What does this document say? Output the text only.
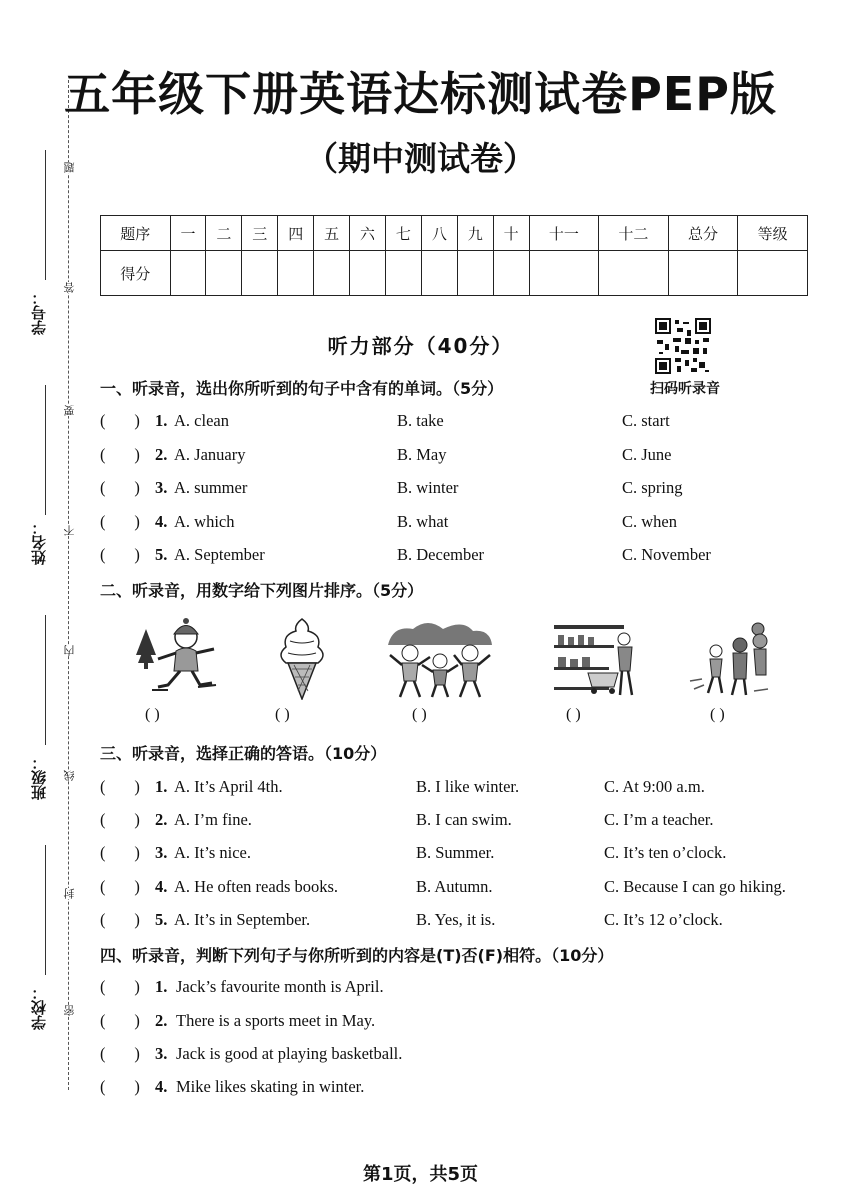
学号：
姓名：
班级：
学校：
题
答
要
不
内
线
封
密
五年级下册英语达标测试卷PEP版
（期中测试卷）
题序	一	二	三	四	五	六	七	八	九	十	十一	十二	总分	等级
得分														
听力部分（40分）
扫码听录音
一、听录音，选出你所听到的句子中含有的单词。（5分）
(       ) 1. A. clean	B. take	C. start
(       ) 2. A. January	B. May	C. June
(       ) 3. A. summer	B. winter	C. spring
(       ) 4. A. which	B. what	C. when
(       ) 5. A. September	B. December	C. November
二、听录音，用数字给下列图片排序。（5分）
( )	( )	( )	( )	( )
三、听录音，选择正确的答语。（10分）
(       ) 1. A. It’s April 4th.	B. I like winter.	C. At 9:00 a.m.
(       ) 2. A. I’m fine.	B. I can swim.	C. I’m a teacher.
(       ) 3. A. It’s nice.	B. Summer.	C. It’s ten o’clock.
(       ) 4. A. He often reads books.	B. Autumn.	C. Because I can go hiking.
(       ) 5. A. It’s in September.	B. Yes, it is.	C. It’s 12 o’clock.
四、听录音，判断下列句子与你所听到的内容是(T)否(F)相符。（10分）
(       ) 1. Jack’s favourite month is April.
(       ) 2. There is a sports meet in May.
(       ) 3. Jack is good at playing basketball.
(       ) 4. Mike likes skating in winter.
第1页，共5页
